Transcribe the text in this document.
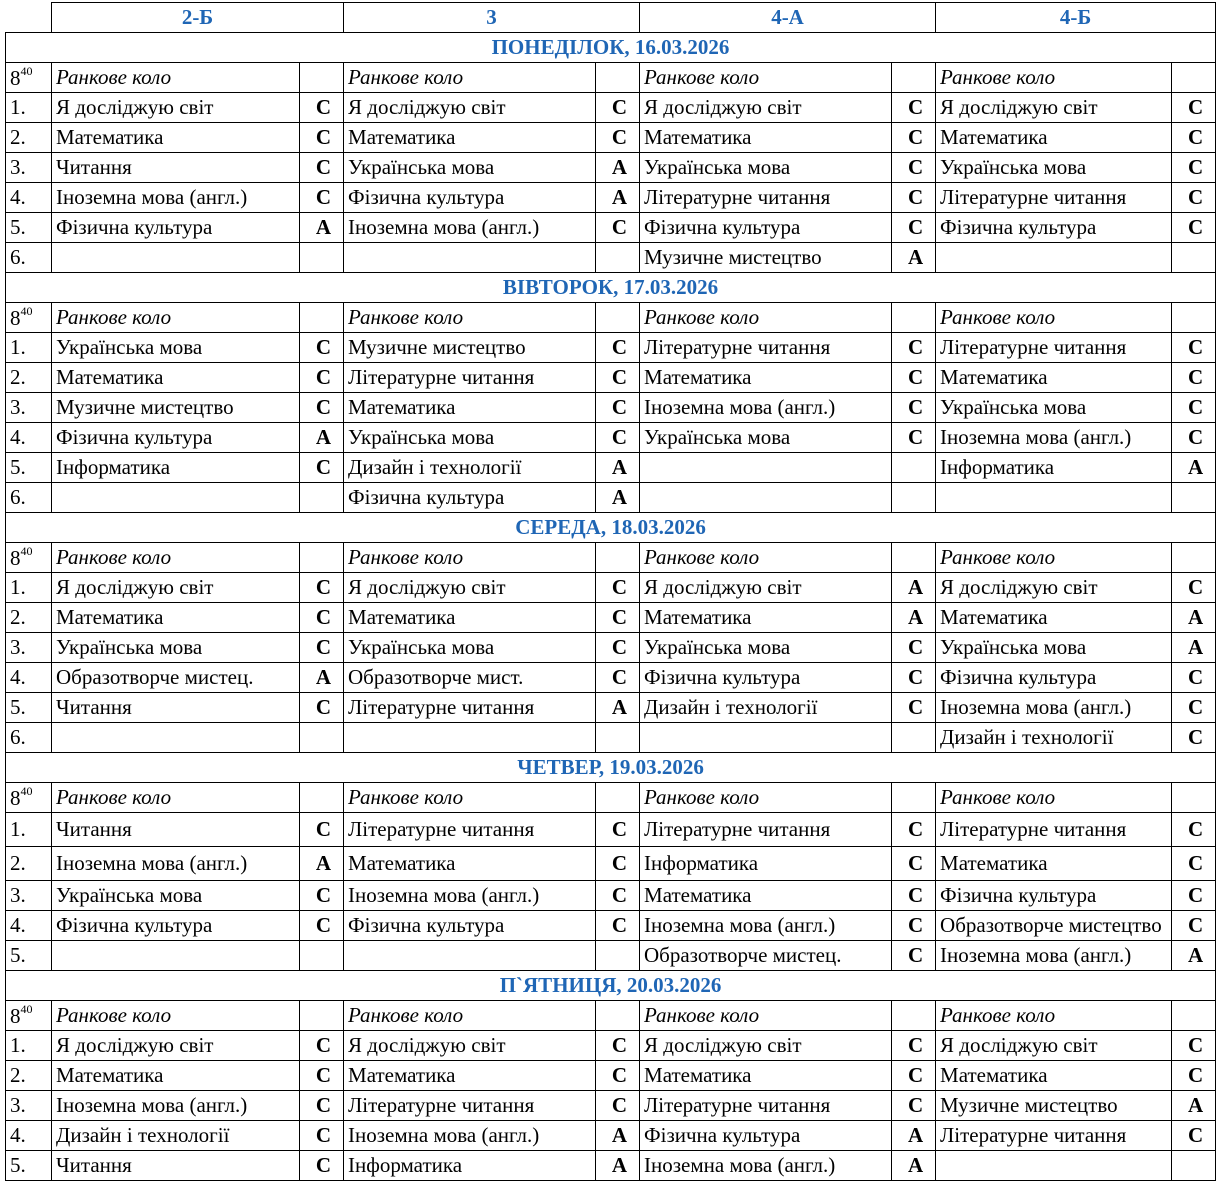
	2-Б		3		4-А		4-Б	
ПОНЕДІЛОК, 16.03.2026								
$8^{40}$	Ранкове коло		Ранкове коло		Ранкове коло		Ранкове коло	
1.	Я досліджую світ	С	Я досліджую світ	С	Я досліджую світ	С	Я досліджую світ	С
2.	Математика	С	Математика	С	Математика	С	Математика	С
3.	Читання	С	Українська мова	А	Українська мова	С	Українська мова	С
4.	Іноземна мова (англ.)	С	Фізична культура	А	Літературне читання	С	Літературне читання	С
5.	Фізична культура	А	Іноземна мова (англ.)	С	Фізична культура	С	Фізична культура	С
6.					Музичне мистецтво	А		
ВІВТОРОК, 17.03.2026								
$8^{40}$	Ранкове коло		Ранкове коло		Ранкове коло		Ранкове коло	
1.	Українська мова	С	Музичне мистецтво	С	Літературне читання	С	Літературне читання	С
2.	Математика	С	Літературне читання	С	Математика	С	Математика	С
3.	Музичне мистецтво	С	Математика	С	Іноземна мова (англ.)	С	Українська мова	С
4.	Фізична культура	А	Українська мова	С	Українська мова	С	Іноземна мова (англ.)	С
5.	Інформатика	С	Дизайн і технології	А			Інформатика	А
6.			Фізична культура	А				
СЕРЕДА, 18.03.2026								
$8^{40}$	Ранкове коло		Ранкове коло		Ранкове коло		Ранкове коло	
1.	Я досліджую світ	С	Я досліджую світ	С	Я досліджую світ	А	Я досліджую світ	С
2.	Математика	С	Математика	С	Математика	А	Математика	А
3.	Українська мова	С	Українська мова	С	Українська мова	С	Українська мова	А
4.	Образотворче мистец.	А	Образотворче мист.	С	Фізична культура	С	Фізична культура	С
5.	Читання	С	Літературне читання	А	Дизайн і технології	С	Іноземна мова (англ.)	С
6.							Дизайн і технології	С
ЧЕТВЕР, 19.03.2026								
$8^{40}$	Ранкове коло		Ранкове коло		Ранкове коло		Ранкове коло	
1.	Читання	С	Літературне читання	С	Літературне читання	С	Літературне читання	С
2.	Іноземна мова (англ.)	А	Математика	С	Інформатика	С	Математика	С
3.	Українська мова	С	Іноземна мова (англ.)	С	Математика	С	Фізична культура	С
4.	Фізична культура	С	Фізична культура	С	Іноземна мова (англ.)	С	Образотворче мистецтво	С
5.					Образотворче мистец.	С	Іноземна мова (англ.)	А
П`ЯТНИЦЯ, 20.03.2026								
$8^{40}$	Ранкове коло		Ранкове коло		Ранкове коло		Ранкове коло	
1.	Я досліджую світ	С	Я досліджую світ	С	Я досліджую світ	С	Я досліджую світ	С
2.	Математика	С	Математика	С	Математика	С	Математика	С
3.	Іноземна мова (англ.)	С	Літературне читання	С	Літературне читання	С	Музичне мистецтво	А
4.	Дизайн і технології	С	Іноземна мова (англ.)	А	Фізична культура	А	Літературне читання	С
5.	Читання	С	Інформатика	А	Іноземна мова (англ.)	А		
